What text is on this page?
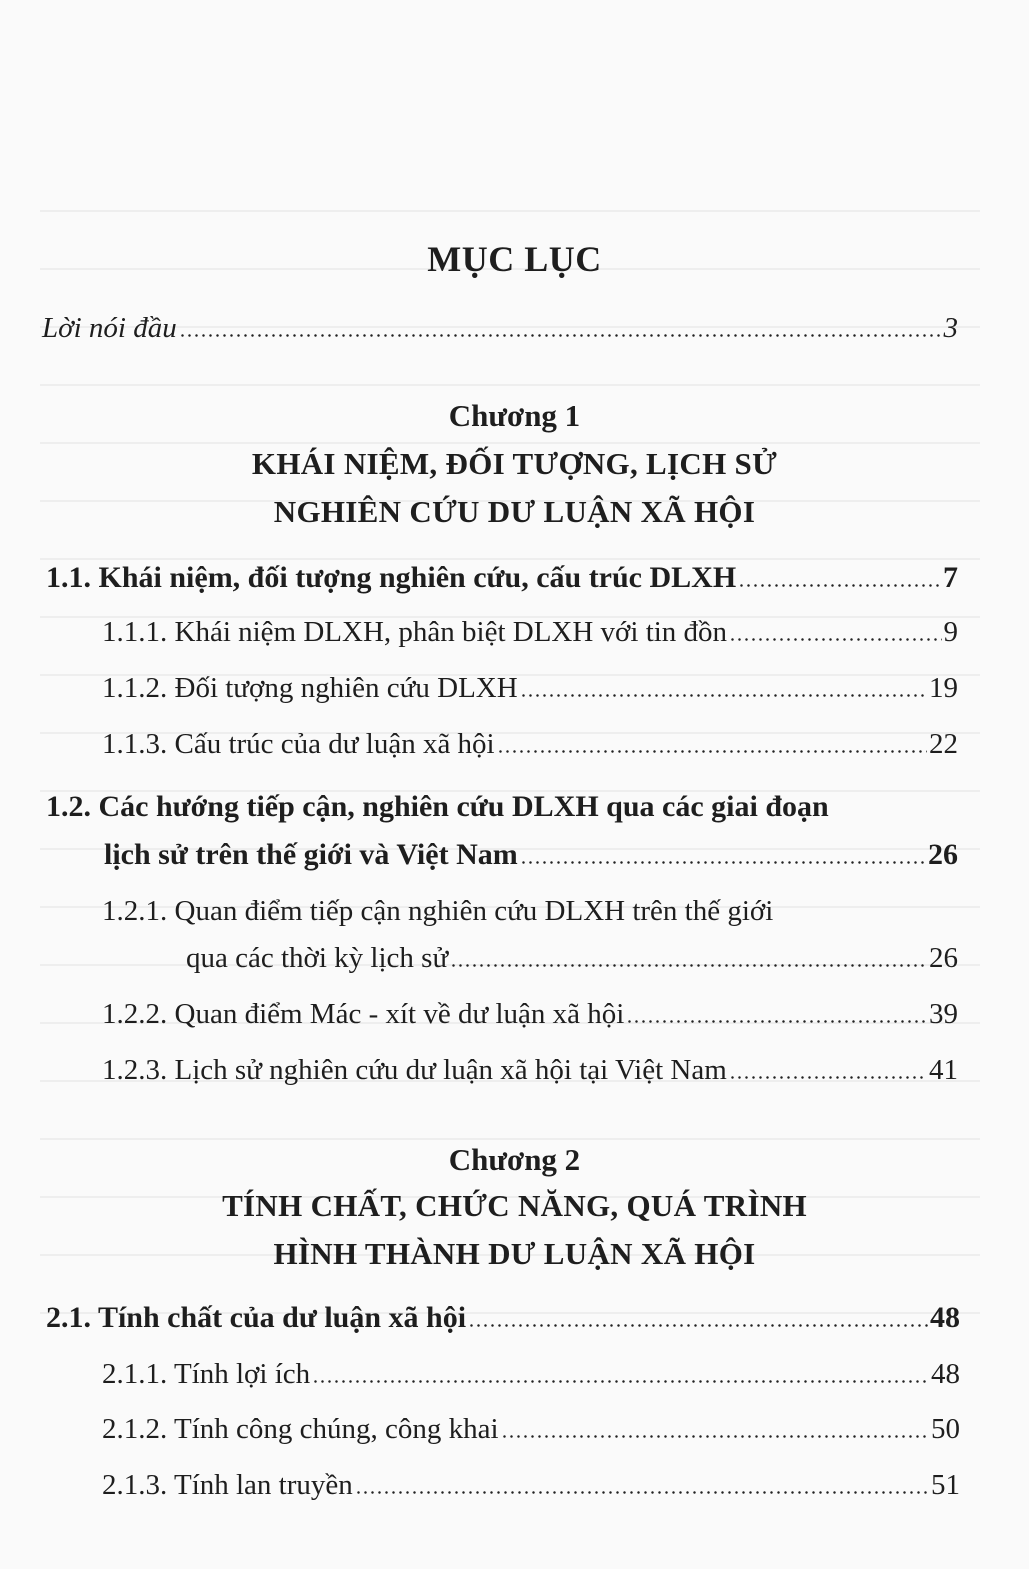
MỤC LỤC
Lời nói đầu	3
Chương 1
KHÁI NIỆM, ĐỐI TƯỢNG, LỊCH SỬ
NGHIÊN CỨU DƯ LUẬN XÃ HỘI
1.1. Khái niệm, đối tượng nghiên cứu, cấu trúc DLXH	7
1.1.1. Khái niệm DLXH, phân biệt DLXH với tin đồn	9
1.1.2. Đối tượng nghiên cứu DLXH	19
1.1.3. Cấu trúc của dư luận xã hội	22
1.2. Các hướng tiếp cận, nghiên cứu DLXH qua các giai đoạn
lịch sử trên thế giới và Việt Nam	26
1.2.1. Quan điểm tiếp cận nghiên cứu DLXH trên thế giới
qua các thời kỳ lịch sử	26
1.2.2. Quan điểm Mác - xít về dư luận xã hội	39
1.2.3. Lịch sử nghiên cứu dư luận xã hội tại Việt Nam	41
Chương 2
TÍNH CHẤT, CHỨC NĂNG, QUÁ TRÌNH
HÌNH THÀNH DƯ LUẬN XÃ HỘI
2.1. Tính chất của dư luận xã hội	48
2.1.1. Tính lợi ích	48
2.1.2. Tính công chúng, công khai	50
2.1.3. Tính lan truyền	51
